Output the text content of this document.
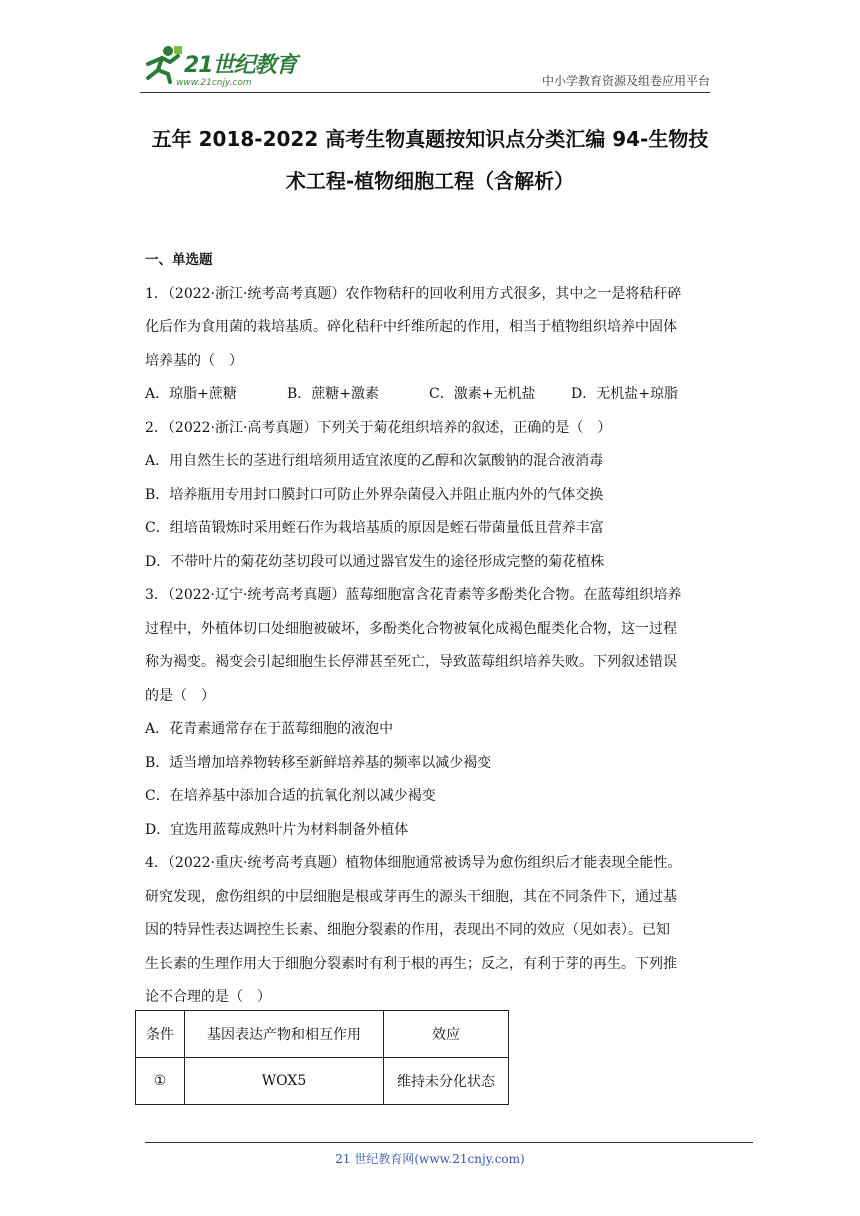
21世纪教育
www.21cnjy.com	中小学教育资源及组卷应用平台
五年 2018-2022 高考生物真题按知识点分类汇编 94-生物技
术工程-植物细胞工程（含解析）
一、单选题
1．（2022·浙江·统考高考真题）农作物秸秆的回收利用方式很多，其中之一是将秸秆碎
化后作为食用菌的栽培基质。碎化秸秆中纤维所起的作用，相当于植物组织培养中固体
培养基的（　）
A．琼脂+蔗糖	B．蔗糖+激素	C．激素+无机盐	D．无机盐+琼脂
2．（2022·浙江·高考真题）下列关于菊花组织培养的叙述，正确的是（　）
A．用自然生长的茎进行组培须用适宜浓度的乙醇和次氯酸钠的混合液消毒
B．培养瓶用专用封口膜封口可防止外界杂菌侵入并阻止瓶内外的气体交换
C．组培苗锻炼时采用蛭石作为栽培基质的原因是蛭石带菌量低且营养丰富
D．不带叶片的菊花幼茎切段可以通过器官发生的途径形成完整的菊花植株
3．（2022·辽宁·统考高考真题）蓝莓细胞富含花青素等多酚类化合物。在蓝莓组织培养
过程中，外植体切口处细胞被破坏，多酚类化合物被氧化成褐色醌类化合物，这一过程
称为褐变。褐变会引起细胞生长停滞甚至死亡，导致蓝莓组织培养失败。下列叙述错误
的是（　）
A．花青素通常存在于蓝莓细胞的液泡中
B．适当增加培养物转移至新鲜培养基的频率以减少褐变
C．在培养基中添加合适的抗氧化剂以减少褐变
D．宜选用蓝莓成熟叶片为材料制备外植体
4．（2022·重庆·统考高考真题）植物体细胞通常被诱导为愈伤组织后才能表现全能性。
研究发现，愈伤组织的中层细胞是根或芽再生的源头干细胞，其在不同条件下，通过基
因的特异性表达调控生长素、细胞分裂素的作用，表现出不同的效应（见如表）。已知
生长素的生理作用大于细胞分裂素时有利于根的再生；反之，有利于芽的再生。下列推
论不合理的是（　）
条件	基因表达产物和相互作用	效应
①	WOX5	维持未分化状态
21 世纪教育网(www.21cnjy.com)
